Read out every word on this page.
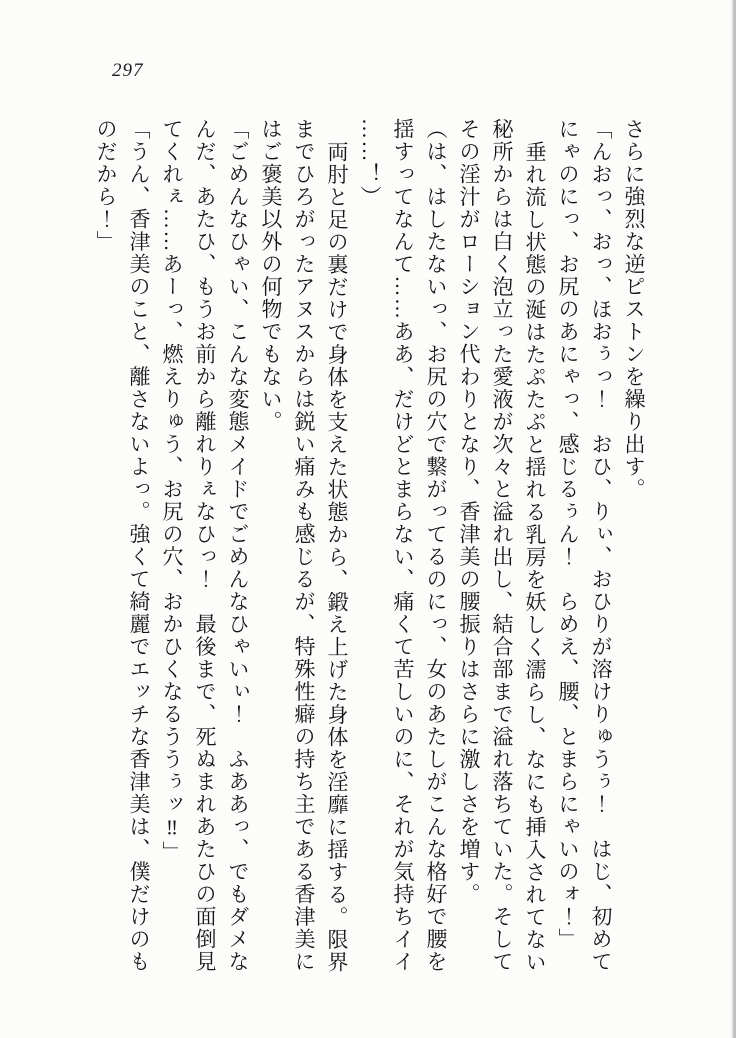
297
さらに強烈な逆ピストンを繰り出す。
「んおっ、おっ、ほおぅっ！　おひ、りぃ、おひりが溶けりゅうぅ！　はじ、初めて
にゃのにっ、お尻のあにゃっ、感じるぅん！　らめえ、腰、とまらにゃいのォ！」
垂れ流し状態の涎はたぷたぷと揺れる乳房を妖しく濡らし、なにも挿入されてない
秘所からは白く泡立った愛液が次々と溢れ出し、結合部まで溢れ落ちていた。そして
その淫汁がローション代わりとなり、香津美の腰振りはさらに激しさを増す。
（は、はしたないっ、お尻の穴で繋がってるのにっ、女のあたしがこんな格好で腰を
揺すってなんて……ああ、だけどとまらない、痛くて苦しいのに、それが気持ちイイ
……！）
両肘と足の裏だけで身体を支えた状態から、鍛え上げた身体を淫靡に揺する。限界
までひろがったアヌスからは鋭い痛みも感じるが、特殊性癖の持ち主である香津美に
はご褒美以外の何物でもない。
「ごめんなひゃい、こんな変態メイドでごめんなひゃいぃ！　ふああっ、でもダメな
んだ、あたひ、もうお前から離れりぇなひっ！　最後まで、死ぬまれあたひの面倒見
てくれぇ……あーっ、燃えりゅう、お尻の穴、おかひくなるううぅッ‼」
「うん、香津美のこと、離さないよっ。強くて綺麗でエッチな香津美は、僕だけのも
のだから！」
